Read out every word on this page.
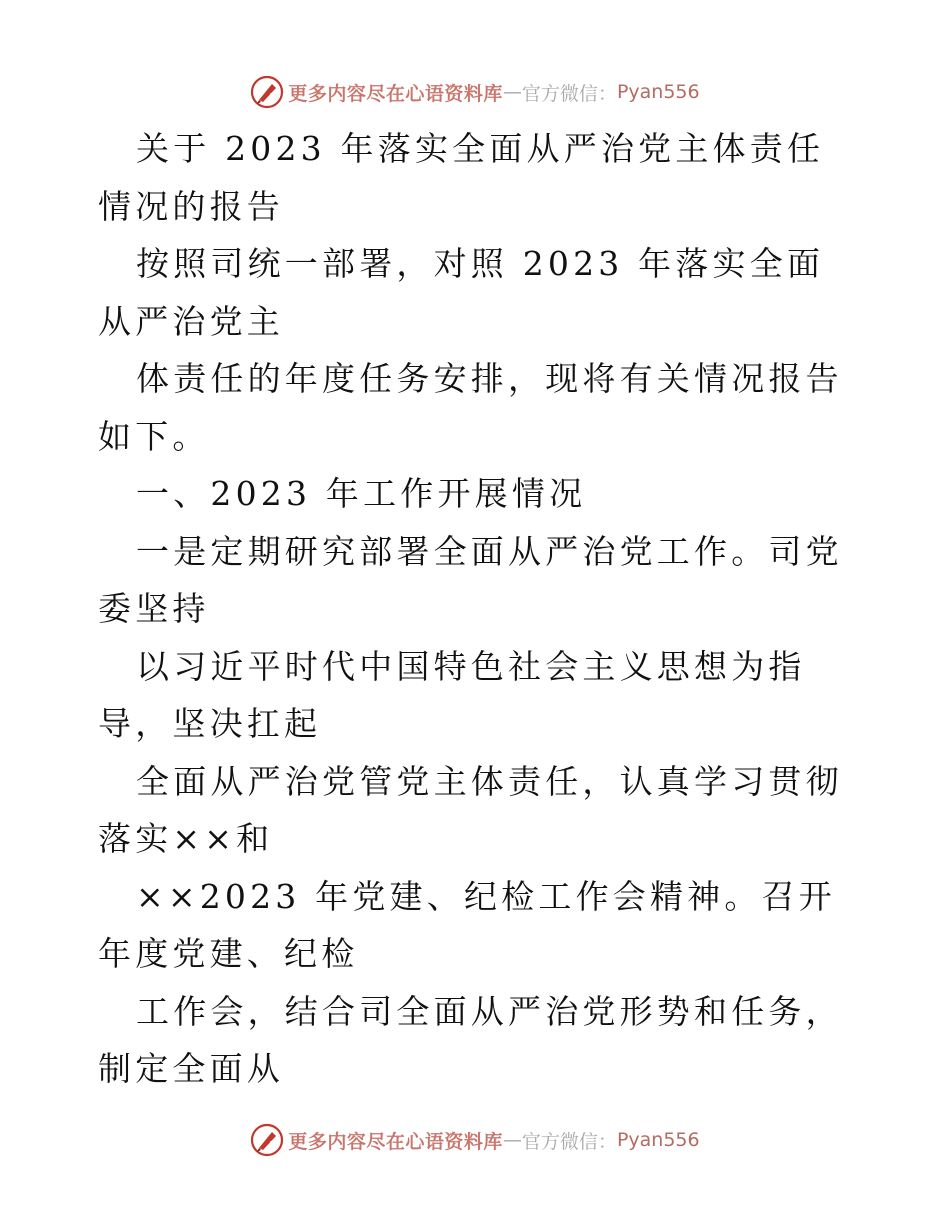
更多内容尽在心语资料库 — 官方微信： Pyan556

关于 2023 年落实全面从严治党主体责任情况的报告

按照司统一部署，对照 2023 年落实全面从严治党主

体责任的年度任务安排，现将有关情况报告如下。

一、2023 年工作开展情况

一是定期研究部署全面从严治党工作。司党委坚持

以习近平时代中国特色社会主义思想为指导，坚决扛起

全面从严治党管党主体责任，认真学习贯彻落实××和

××2023 年党建、纪检工作会精神。召开年度党建、纪检

工作会，结合司全面从严治党形势和任务，制定全面从

更多内容尽在心语资料库 — 官方微信： Pyan556
